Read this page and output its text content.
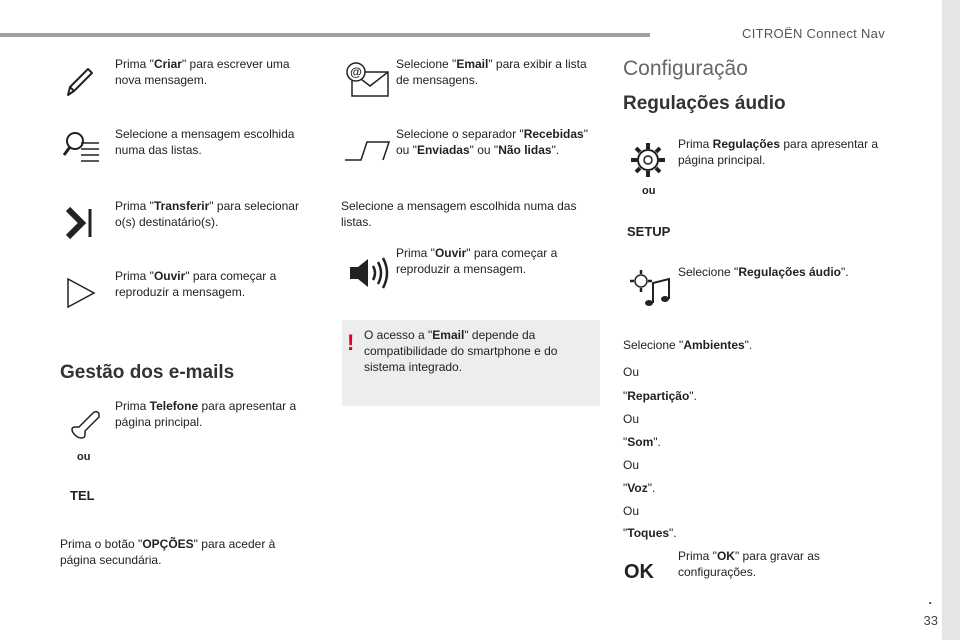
CITROËN Connect Nav
.
33
Prima "Criar" para escrever uma nova mensagem.
Selecione a mensagem escolhida numa das listas.
Prima "Transferir" para selecionar o(s) destinatário(s).
Prima "Ouvir" para começar a reproduzir a mensagem.
Gestão dos e-mails
Prima Telefone para apresentar a página principal.
ou
TEL
Prima o botão "OPÇÕES" para aceder à página secundária.
@
Selecione "Email" para exibir a lista de mensagens.
Selecione o separador "Recebidas" ou "Enviadas" ou "Não lidas".
Selecione a mensagem escolhida numa das listas.
Prima "Ouvir" para começar a reproduzir a mensagem.
! O acesso a "Email" depende da compatibilidade do smartphone e do sistema integrado.
Configuração
Regulações áudio
Prima Regulações para apresentar a página principal.
ou
SETUP
Selecione "Regulações áudio".
Selecione "Ambientes".
Ou
"Repartição".
Ou
"Som".
Ou
"Voz".
Ou
"Toques".
OK
Prima "OK" para gravar as configurações.
